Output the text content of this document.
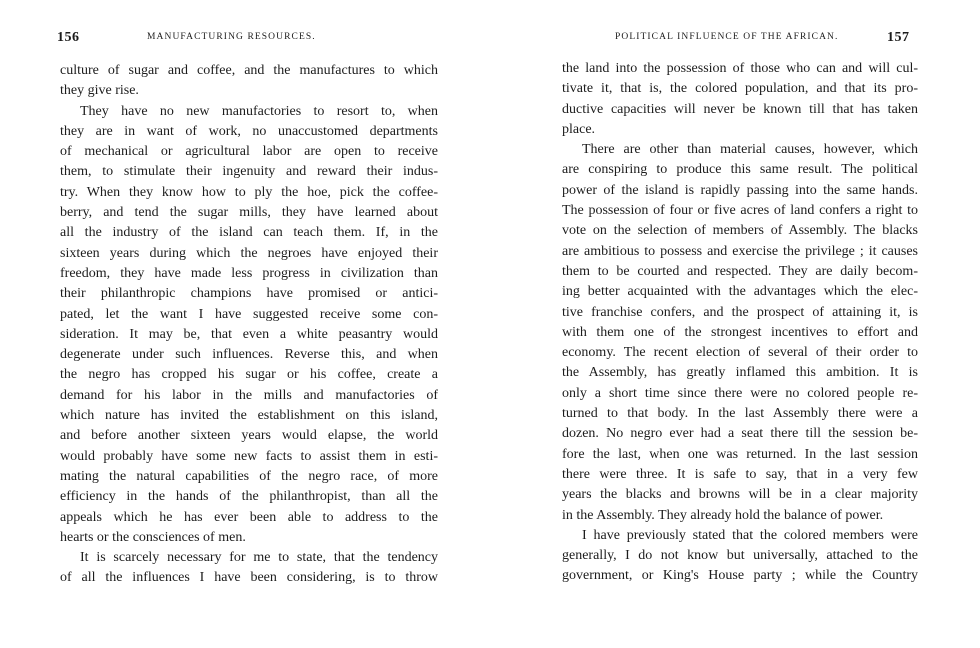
156	MANUFACTURING RESOURCES.
culture of sugar and coffee, and the manufactures to which
they give rise.
They have no new manufactories to resort to, when
they are in want of work, no unaccustomed departments
of mechanical or agricultural labor are open to receive
them, to stimulate their ingenuity and reward their indus-
try. When they know how to ply the hoe, pick the coffee-
berry, and tend the sugar mills, they have learned about
all the industry of the island can teach them. If, in the
sixteen years during which the negroes have enjoyed their
freedom, they have made less progress in civilization than
their philanthropic champions have promised or antici-
pated, let the want I have suggested receive some con-
sideration. It may be, that even a white peasantry would
degenerate under such influences. Reverse this, and when
the negro has cropped his sugar or his coffee, create a
demand for his labor in the mills and manufactories of
which nature has invited the establishment on this island,
and before another sixteen years would elapse, the world
would probably have some new facts to assist them in esti-
mating the natural capabilities of the negro race, of more
efficiency in the hands of the philanthropist, than all the
appeals which he has ever been able to address to the
hearts or the consciences of men.
It is scarcely necessary for me to state, that the tendency
of all the influences I have been considering, is to throw
POLITICAL INFLUENCE OF THE AFRICAN.	157
the land into the possession of those who can and will cul-
tivate it, that is, the colored population, and that its pro-
ductive capacities will never be known till that has taken
place.
There are other than material causes, however, which
are conspiring to produce this same result. The political
power of the island is rapidly passing into the same hands.
The possession of four or five acres of land confers a right to
vote on the selection of members of Assembly. The blacks
are ambitious to possess and exercise the privilege ; it causes
them to be courted and respected. They are daily becom-
ing better acquainted with the advantages which the elec-
tive franchise confers, and the prospect of attaining it, is
with them one of the strongest incentives to effort and
economy. The recent election of several of their order to
the Assembly, has greatly inflamed this ambition. It is
only a short time since there were no colored people re-
turned to that body. In the last Assembly there were a
dozen. No negro ever had a seat there till the session be-
fore the last, when one was returned. In the last session
there were three. It is safe to say, that in a very few
years the blacks and browns will be in a clear majority
in the Assembly. They already hold the balance of power.
I have previously stated that the colored members were
generally, I do not know but universally, attached to the
government, or King's House party ; while the Country
